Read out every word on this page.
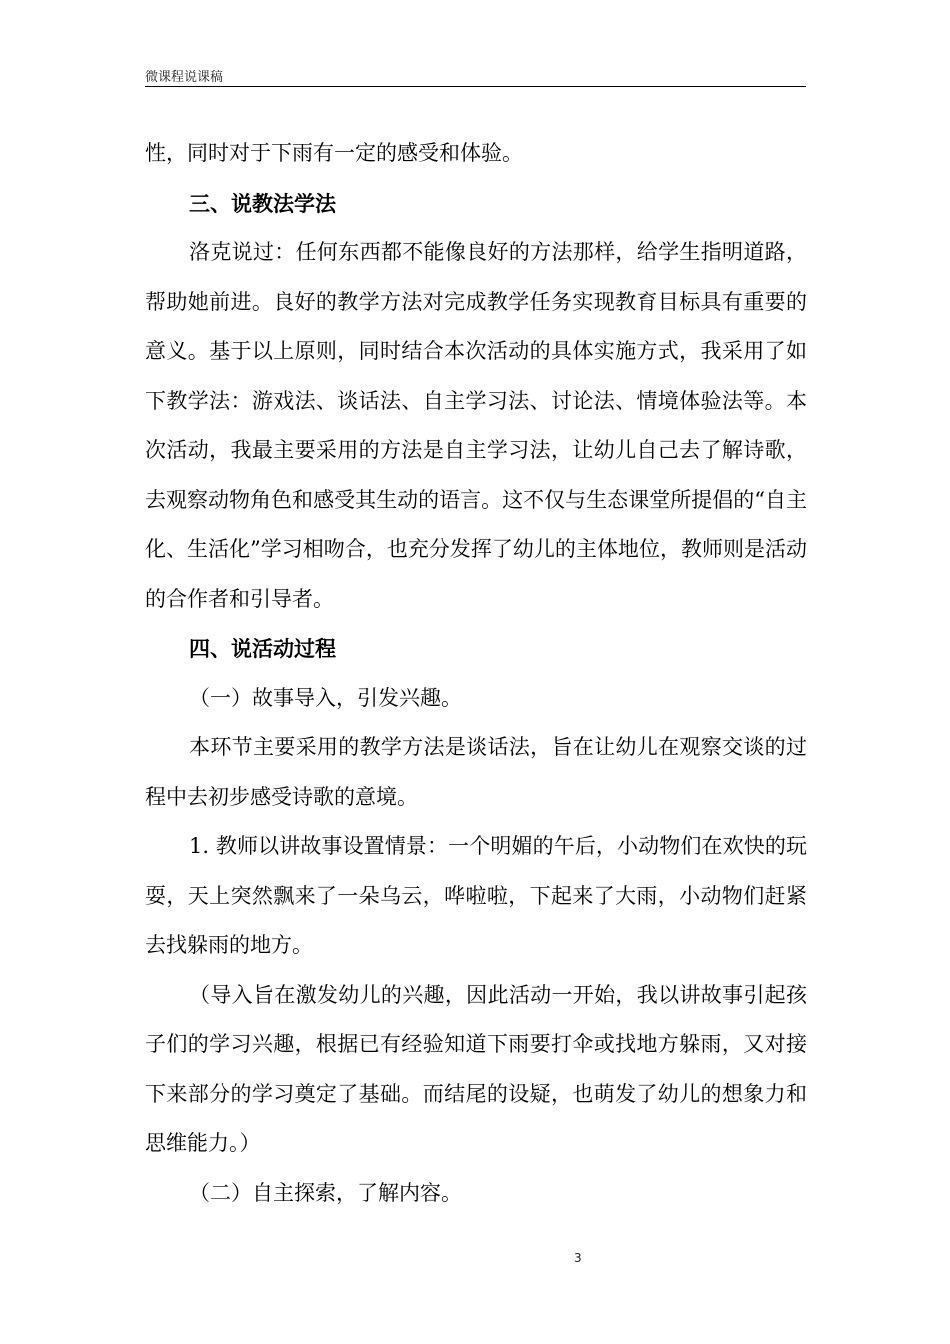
微课程说课稿

性，同时对于下雨有一定的感受和体验。

三、说教法学法

洛克说过：任何东西都不能像良好的方法那样，给学生指明道路，帮助她前进。良好的教学方法对完成教学任务实现教育目标具有重要的意义。基于以上原则，同时结合本次活动的具体实施方式，我采用了如下教学法：游戏法、谈话法、自主学习法、讨论法、情境体验法等。本次活动，我最主要采用的方法是自主学习法，让幼儿自己去了解诗歌，去观察动物角色和感受其生动的语言。这不仅与生态课堂所提倡的“自主化、生活化”学习相吻合，也充分发挥了幼儿的主体地位，教师则是活动的合作者和引导者。

四、说活动过程

（一）故事导入，引发兴趣。

本环节主要采用的教学方法是谈话法，旨在让幼儿在观察交谈的过程中去初步感受诗歌的意境。

1. 教师以讲故事设置情景：一个明媚的午后，小动物们在欢快的玩耍，天上突然飘来了一朵乌云，哗啦啦，下起来了大雨，小动物们赶紧去找躲雨的地方。

（导入旨在激发幼儿的兴趣，因此活动一开始，我以讲故事引起孩子们的学习兴趣，根据已有经验知道下雨要打伞或找地方躲雨，又对接下来部分的学习奠定了基础。而结尾的设疑，也萌发了幼儿的想象力和思维能力。）

（二）自主探索，了解内容。

3
